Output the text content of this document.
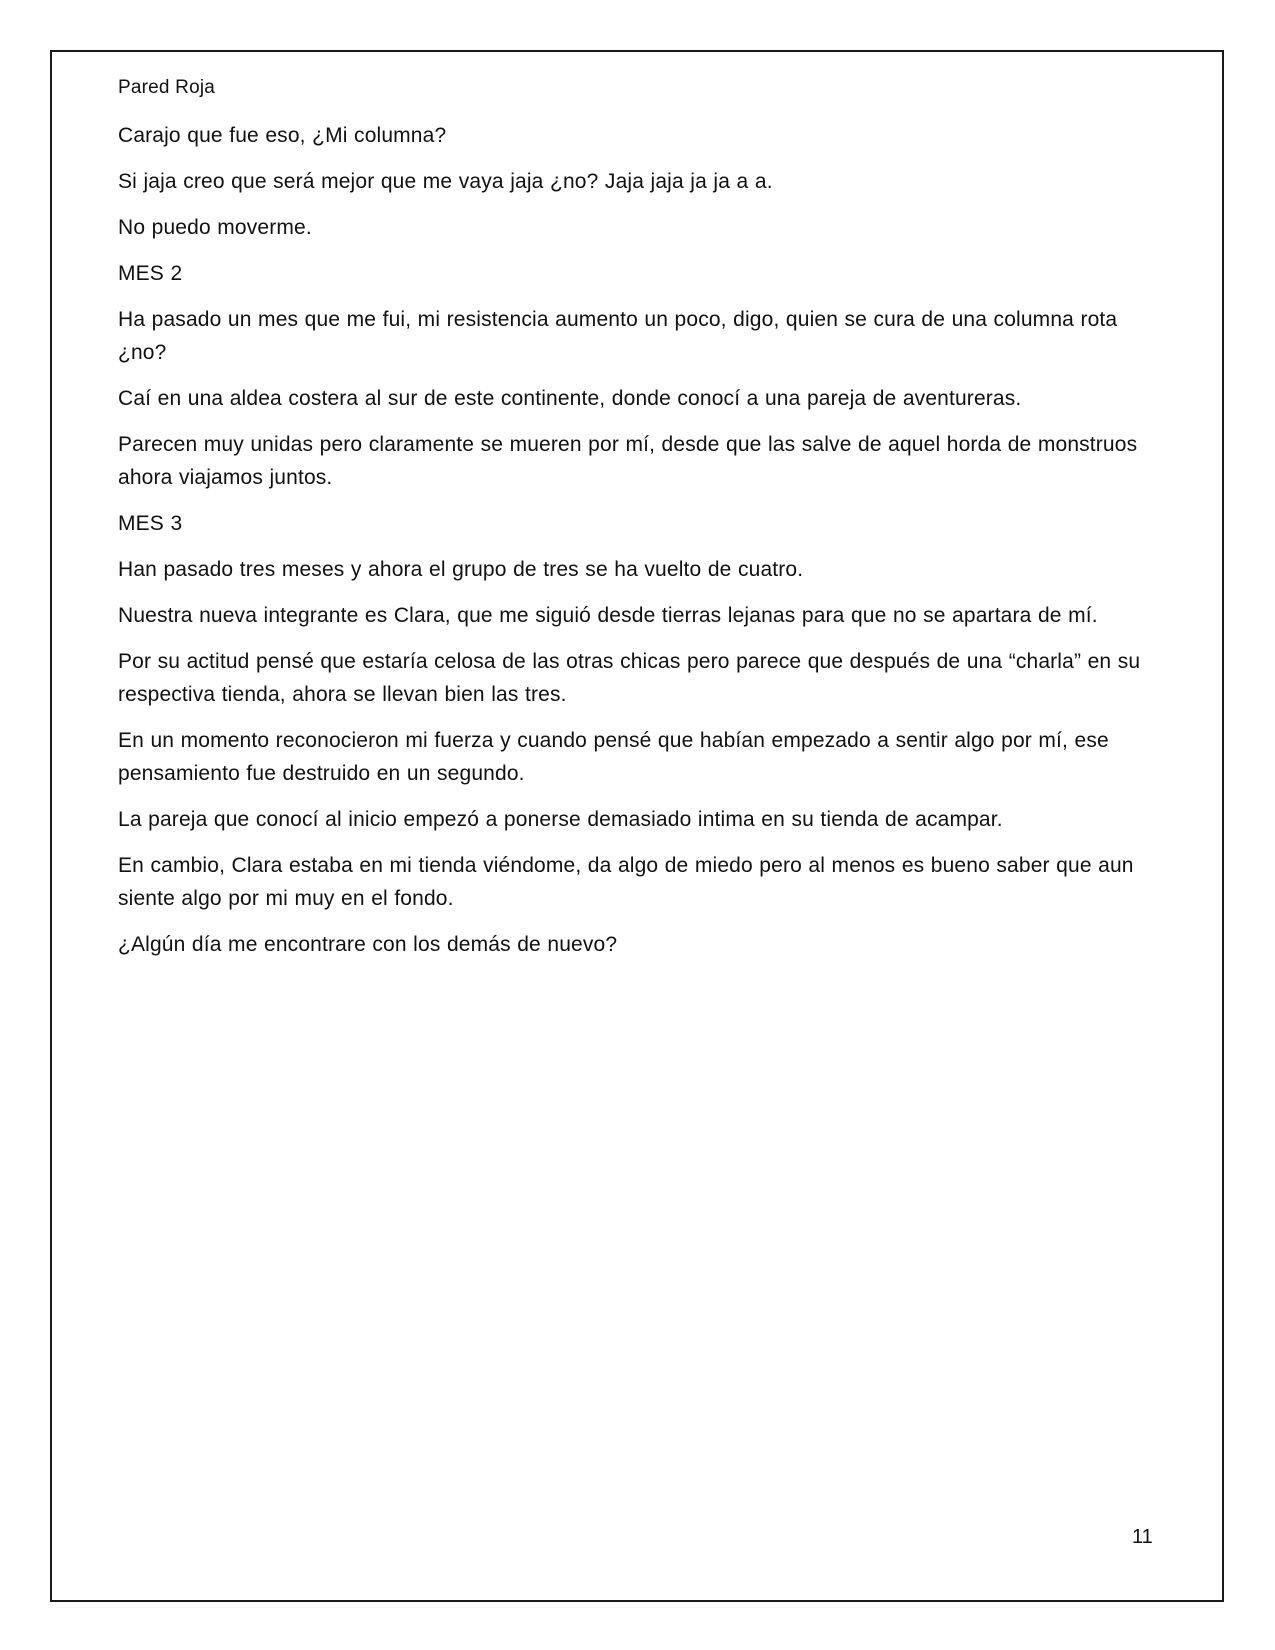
Pared Roja

Carajo que fue eso, ¿Mi columna?

Si jaja creo que será mejor que me vaya jaja ¿no? Jaja jaja ja ja a a.

No puedo moverme.

MES 2

Ha pasado un mes que me fui, mi resistencia aumento un poco, digo, quien se cura de una columna rota ¿no?

Caí en una aldea costera al sur de este continente, donde conocí a una pareja de aventureras.

Parecen muy unidas pero claramente se mueren por mí, desde que las salve de aquel horda de monstruos ahora viajamos juntos.

MES 3

Han pasado tres meses y ahora el grupo de tres se ha vuelto de cuatro.

Nuestra nueva integrante es Clara, que me siguió desde tierras lejanas para que no se apartara de mí.

Por su actitud pensé que estaría celosa de las otras chicas pero parece que después de una “charla” en su respectiva tienda, ahora se llevan bien las tres.

En un momento reconocieron mi fuerza y cuando pensé que habían empezado a sentir algo por mí, ese pensamiento fue destruido en un segundo.

La pareja que conocí al inicio empezó a ponerse demasiado intima en su tienda de acampar.

En cambio, Clara estaba en mi tienda viéndome, da algo de miedo pero al menos es bueno saber que aun siente algo por mi muy en el fondo.

¿Algún día me encontrare con los demás de nuevo?

11
